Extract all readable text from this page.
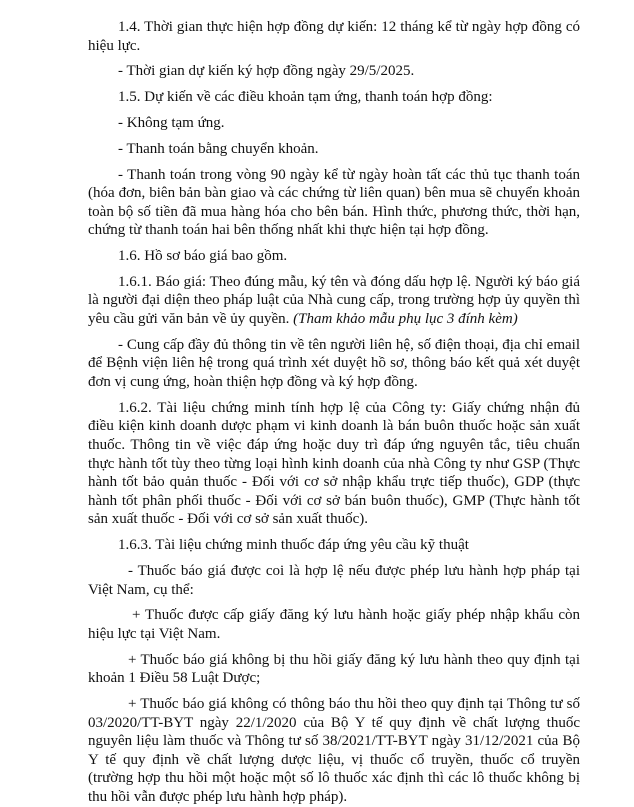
1.4. Thời gian thực hiện hợp đồng dự kiến: 12 tháng kể từ ngày hợp đồng có hiệu lực.

- Thời gian dự kiến ký hợp đồng ngày 29/5/2025.

1.5. Dự kiến về các điều khoản tạm ứng, thanh toán hợp đồng:

- Không tạm ứng.

- Thanh toán bằng chuyển khoản.

- Thanh toán trong vòng 90 ngày kể từ ngày hoàn tất các thủ tục thanh toán (hóa đơn, biên bản bàn giao và các chứng từ liên quan) bên mua sẽ chuyển khoản toàn bộ số tiền đã mua hàng hóa cho bên bán. Hình thức, phương thức, thời hạn, chứng từ thanh toán hai bên thống nhất khi thực hiện tại hợp đồng.

1.6. Hồ sơ báo giá bao gồm.

1.6.1. Báo giá: Theo đúng mẫu, ký tên và đóng dấu hợp lệ. Người ký báo giá là người đại diện theo pháp luật của Nhà cung cấp, trong trường hợp ủy quyền thì yêu cầu gửi văn bản về ủy quyền. (Tham khảo mẫu phụ lục 3 đính kèm)

- Cung cấp đầy đủ thông tin về tên người liên hệ, số điện thoại, địa chỉ email để Bệnh viện liên hệ trong quá trình xét duyệt hồ sơ, thông báo kết quả xét duyệt đơn vị cung ứng, hoàn thiện hợp đồng và ký hợp đồng.

1.6.2. Tài liệu chứng minh tính hợp lệ của Công ty: Giấy chứng nhận đủ điều kiện kinh doanh dược phạm vi kinh doanh là bán buôn thuốc hoặc sản xuất thuốc. Thông tin về việc đáp ứng hoặc duy trì đáp ứng nguyên tắc, tiêu chuẩn thực hành tốt tùy theo từng loại hình kinh doanh của nhà Công ty như GSP (Thực hành tốt bảo quản thuốc - Đối với cơ sở nhập khẩu trực tiếp thuốc), GDP (thực hành tốt phân phối thuốc - Đối với cơ sở bán buôn thuốc), GMP (Thực hành tốt sản xuất thuốc - Đối với cơ sở sản xuất thuốc).

1.6.3. Tài liệu chứng minh thuốc đáp ứng yêu cầu kỹ thuật

- Thuốc báo giá được coi là hợp lệ nếu được phép lưu hành hợp pháp tại Việt Nam, cụ thể:

+ Thuốc được cấp giấy đăng ký lưu hành hoặc giấy phép nhập khẩu còn hiệu lực tại Việt Nam.

+ Thuốc báo giá không bị thu hồi giấy đăng ký lưu hành theo quy định tại khoản 1 Điều 58 Luật Dược;

+ Thuốc báo giá không có thông báo thu hồi theo quy định tại Thông tư số 03/2020/TT-BYT ngày 22/1/2020 của Bộ Y tế quy định về chất lượng thuốc nguyên liệu làm thuốc và Thông tư số 38/2021/TT-BYT ngày 31/12/2021 của Bộ Y tế quy định về chất lượng dược liệu, vị thuốc cổ truyền, thuốc cổ truyền (trường hợp thu hồi một hoặc một số lô thuốc xác định thì các lô thuốc không bị thu hồi vẫn được phép lưu hành hợp pháp).
